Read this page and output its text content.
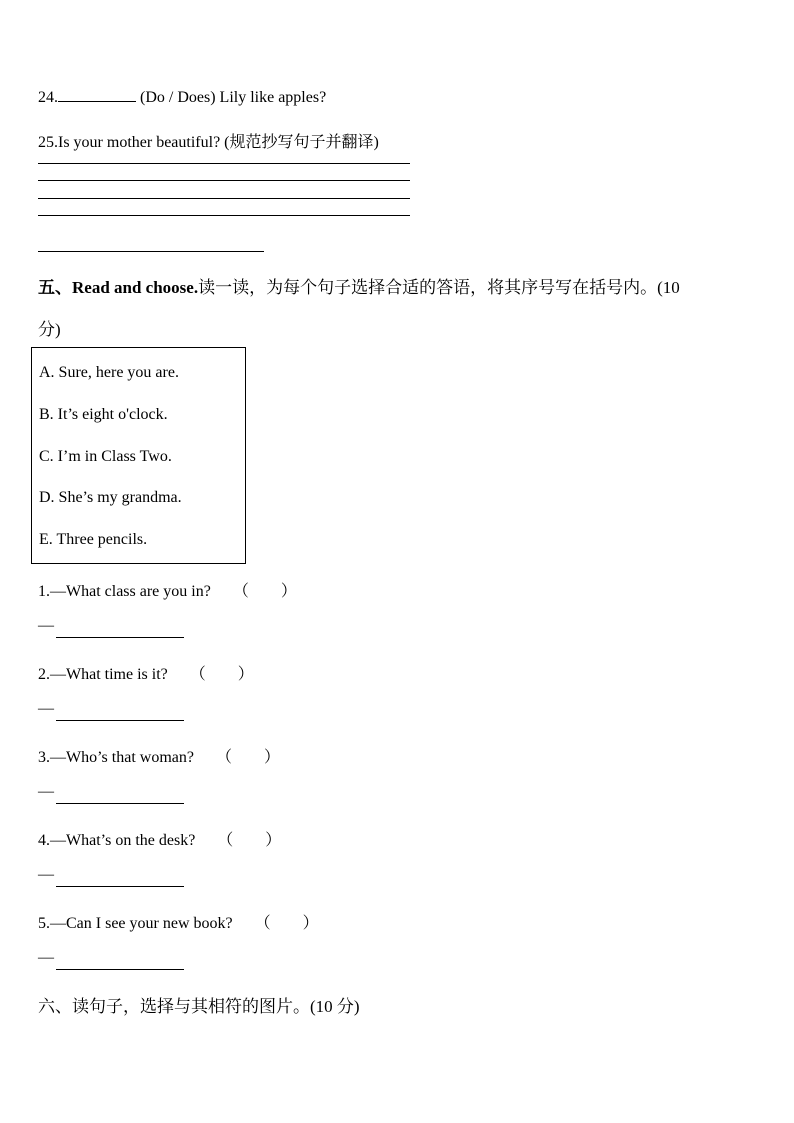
24.	(Do / Does) Lily like apples?
25.Is your mother beautiful? (规范抄写句子并翻译)
五、Read and choose.读一读，为每个句子选择合适的答语，将其序号写在括号内。(10
分)
A. Sure, here you are.
B. It’s eight o'clock.
C. I’m in Class Two.
D. She’s my grandma.
E. Three pencils.
1.—What class are you in? （　　）
—
2.—What time is it? （　　）
—
3.—Who’s that woman? （　　）
—
4.—What’s on the desk? （　　）
—
5.—Can I see your new book? （　　）
—
六、读句子，选择与其相符的图片。(10 分)
